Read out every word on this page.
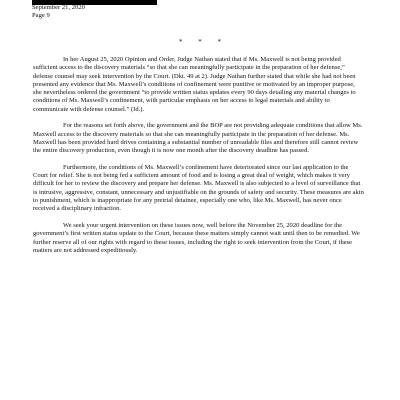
September 21, 2020
Page 9
* * *

In her August 25, 2020 Opinion and Order, Judge Nathan stated that if Ms. Maxwell is not being provided sufficient access to the discovery materials “so that she can meaningfully participate in the preparation of her defense,” defense counsel may seek intervention by the Court. (Dkt. 49 at 2). Judge Nathan further stated that while she had not been presented any evidence that Ms. Maxwell’s conditions of confinement were punitive or motivated by an improper purpose, she nevertheless ordered the government “to provide written status updates every 90 days detailing any material changes to conditions of Ms. Maxwell’s confinement, with particular emphasis on her access to legal materials and ability to communicate with defense counsel.” (Id.).

For the reasons set forth above, the government and the BOP are not providing adequate conditions that allow Ms. Maxwell access to the discovery materials so that she can meaningfully participate in the preparation of her defense. Ms. Maxwell has been provided hard drives containing a substantial number of unreadable files and therefore still cannot review the entire discovery production, even though it is now one month after the discovery deadline has passed.

Furthermore, the conditions of Ms. Maxwell’s confinement have deteriorated since our last application to the Court for relief. She is not being fed a sufficient amount of food and is losing a great deal of weight, which makes it very difficult for her to review the discovery and prepare her defense. Ms. Maxwell is also subjected to a level of surveillance that is intrusive, aggressive, constant, unnecessary and unjustifiable on the grounds of safety and security. These measures are akin to punishment, which is inappropriate for any pretrial detainee, especially one who, like Ms. Maxwell, has never once received a disciplinary infraction.

We seek your urgent intervention on these issues now, well before the November 25, 2020 deadline for the government’s first written status update to the Court, because these matters simply cannot wait until then to be remedied. We further reserve all of our rights with regard to these issues, including the right to seek intervention from the Court, if these matters are not addressed expeditiously.
